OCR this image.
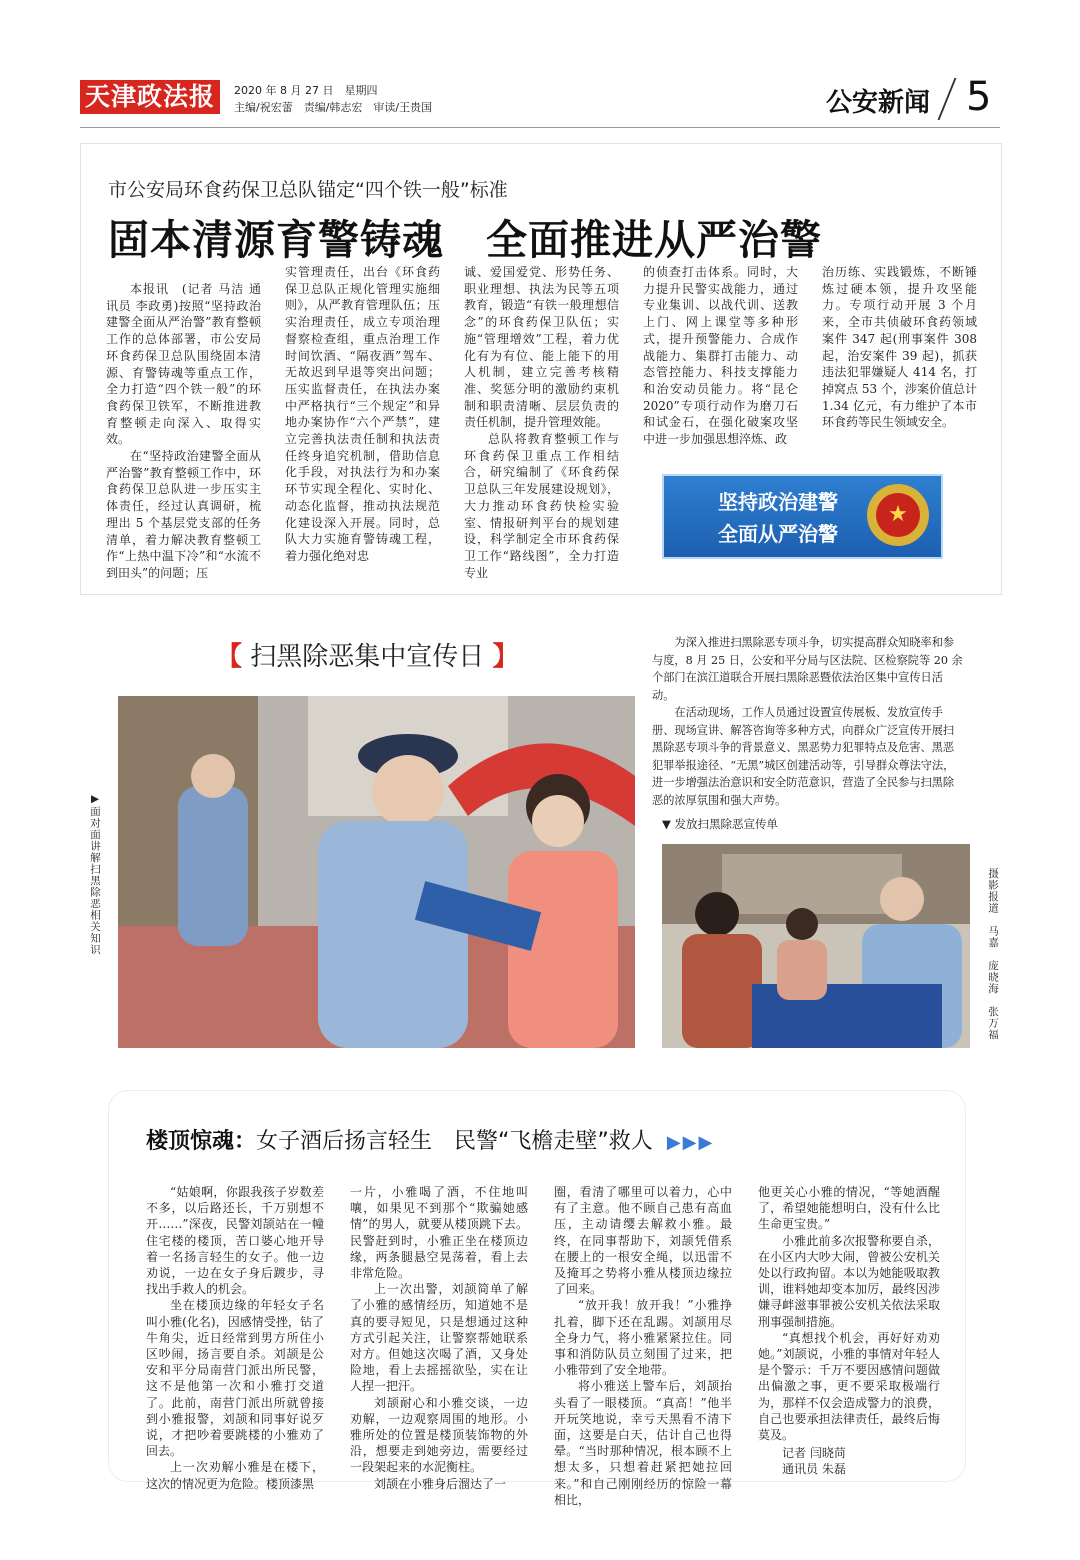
天津政法报	2020 年 8 月 27 日　星期四
主编/祝宏蕾　责编/韩志宏　审读/王贵国	公安新闻 5
市公安局环食药保卫总队锚定“四个铁一般”标准
固本清源育警铸魂　全面推进从严治警

本报讯　(记者 马洁 通讯员 李政勇)按照“坚持政治建警全面从严治警”教育整顿工作的总体部署，市公安局环食药保卫总队围绕固本清源、育警铸魂等重点工作，全力打造“四个铁一般”的环食药保卫铁军，不断推进教育整顿走向深入、取得实效。

在“坚持政治建警全面从严治警”教育整顿工作中，环食药保卫总队进一步压实主体责任，经过认真调研，梳理出 5 个基层党支部的任务清单，着力解决教育整顿工作“上热中温下冷”和“水流不到田头”的问题；压

实管理责任，出台《环食药保卫总队正规化管理实施细则》，从严教育管理队伍；压实治理责任，成立专项治理督察检查组，重点治理工作时间饮酒、“隔夜酒”驾车、无故迟到早退等突出问题；压实监督责任，在执法办案中严格执行“三个规定”和异地办案协作“六个严禁”，建立完善执法责任制和执法责任终身追究机制，借助信息化手段，对执法行为和办案环节实现全程化、实时化、动态化监督，推动执法规范化建设深入开展。同时，总队大力实施育警铸魂工程，着力强化绝对忠

诚、爱国爱党、形势任务、职业理想、执法为民等五项教育，锻造“有铁一般理想信念”的环食药保卫队伍；实施“管理增效”工程，着力优化有为有位、能上能下的用人机制，建立完善考核精准、奖惩分明的激励约束机制和职责清晰、层层负责的责任机制，提升管理效能。

总队将教育整顿工作与环食药保卫重点工作相结合，研究编制了《环食药保卫总队三年发展建设规划》，大力推动环食药快检实验室、情报研判平台的规划建设，科学制定全市环食药保卫工作“路线图”，全力打造专业

的侦查打击体系。同时，大力提升民警实战能力，通过专业集训、以战代训、送教上门、网上课堂等多种形式，提升预警能力、合成作战能力、集群打击能力、动态管控能力、科技支撑能力和治安动员能力。将“昆仑2020”专项行动作为磨刀石和试金石，在强化破案攻坚中进一步加强思想淬炼、政

治历练、实践锻炼，不断锤炼过硬本领，提升攻坚能力。专项行动开展 3 个月来，全市共侦破环食药领域案件 347 起(刑事案件 308 起，治安案件 39 起)，抓获违法犯罪嫌疑人 414 名，打掉窝点 53 个，涉案价值总计 1.34 亿元，有力维护了本市环食药等民生领域安全。

坚持政治建警
全面从严治警
★
【 扫黑除恶集中宣传日 】	为深入推进扫黑除恶专项斗争，切实提高群众知晓率和参与度，8 月 25 日，公安和平分局与区法院、区检察院等 20 余个部门在滨江道联合开展扫黑除恶暨依法治区集中宣传日活动。

在活动现场，工作人员通过设置宣传展板、发放宣传手册、现场宣讲、解答咨询等多种方式，向群众广泛宣传开展扫黑除恶专项斗争的背景意义、黑恶势力犯罪特点及危害、黑恶犯罪举报途径、“无黑”城区创建活动等，引导群众尊法守法，进一步增强法治意识和安全防范意识，营造了全民参与扫黑除恶的浓厚氛围和强大声势。

▶面对面讲解扫黑除恶相关知识	▼ 发放扫黑除恶宣传单
摄影报道　马嘉　庞晓海　张万福
楼顶惊魂：女子酒后扬言轻生　民警“飞檐走壁”救人 ▶▶▶

“姑娘啊，你跟我孩子岁数差不多，以后路还长，千万别想不开……”深夜，民警刘颉站在一幢住宅楼的楼顶，苦口婆心地开导着一名扬言轻生的女子。他一边劝说，一边在女子身后踱步，寻找出手救人的机会。

坐在楼顶边缘的年轻女子名叫小雅(化名)，因感情受挫，钻了牛角尖，近日经常到男方所住小区吵闹，扬言要自杀。刘颉是公安和平分局南营门派出所民警，这不是他第一次和小雅打交道了。此前，南营门派出所就曾接到小雅报警，刘颉和同事好说歹说，才把吵着要跳楼的小雅劝了回去。

上一次劝解小雅是在楼下，这次的情况更为危险。楼顶漆黑

一片，小雅喝了酒，不住地叫嚷，如果见不到那个“欺骗她感情”的男人，就要从楼顶跳下去。民警赶到时，小雅正坐在楼顶边缘，两条腿悬空晃荡着，看上去非常危险。

上一次出警，刘颉简单了解了小雅的感情经历，知道她不是真的要寻短见，只是想通过这种方式引起关注，让警察帮她联系对方。但她这次喝了酒，又身处险地，看上去摇摇欲坠，实在让人捏一把汗。

刘颉耐心和小雅交谈，一边劝解，一边观察周围的地形。小雅所处的位置是楼顶装饰物的外沿，想要走到她旁边，需要经过一段架起来的水泥衡柱。

刘颉在小雅身后溜达了一

圈，看清了哪里可以着力，心中有了主意。他不顾自己患有高血压，主动请缨去解救小雅。最终，在同事帮助下，刘颉凭借系在腰上的一根安全绳，以迅雷不及掩耳之势将小雅从楼顶边缘拉了回来。

“放开我！放开我！”小雅挣扎着，脚下还在乱踢。刘颉用尽全身力气，将小雅紧紧拉住。同事和消防队员立刻围了过来，把小雅带到了安全地带。

将小雅送上警车后，刘颉抬头看了一眼楼顶。“真高！”他半开玩笑地说，幸亏天黑看不清下面，这要是白天，估计自己也得晕。“当时那种情况，根本顾不上想太多，只想着赶紧把她拉回来。”和自己刚刚经历的惊险一幕相比，

他更关心小雅的情况，“等她酒醒了，希望她能想明白，没有什么比生命更宝贵。”

小雅此前多次报警称要自杀，在小区内大吵大闹，曾被公安机关处以行政拘留。本以为她能吸取教训，谁料她却变本加厉，最终因涉嫌寻衅滋事罪被公安机关依法采取刑事强制措施。

“真想找个机会，再好好劝劝她。”刘颉说，小雅的事情对年轻人是个警示：千万不要因感情问题做出偏激之事，更不要采取极端行为，那样不仅会造成警力的浪费，自己也要承担法律责任，最终后悔莫及。

记者 闫晓苘

通讯员 朱磊
